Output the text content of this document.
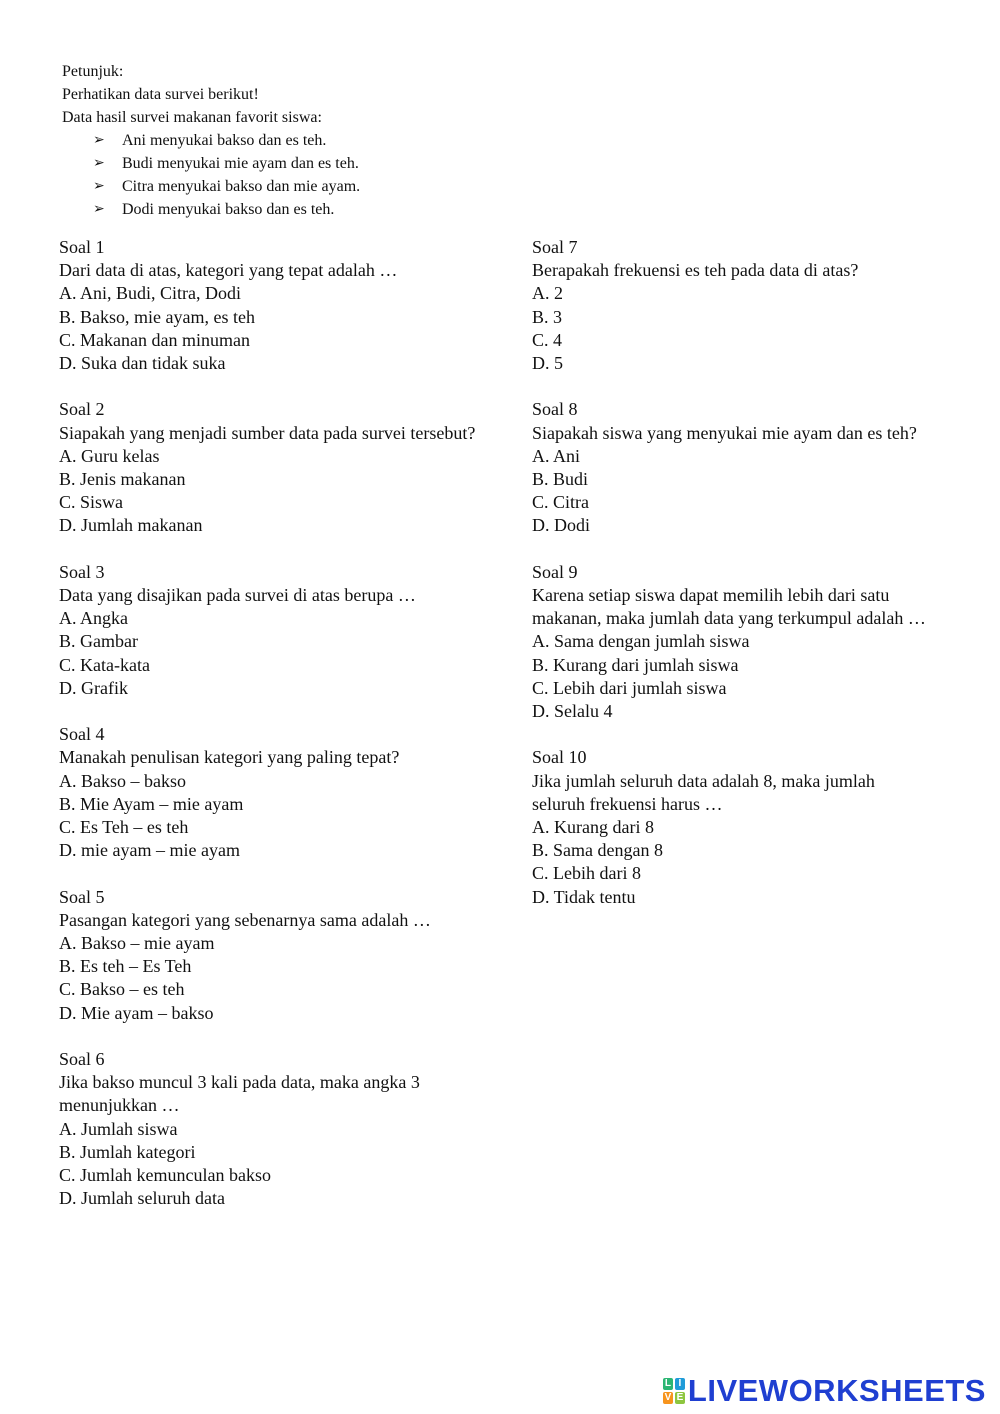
Petunjuk:

Perhatikan data survei berikut!

Data hasil survei makanan favorit siswa:

➢	Ani menyukai bakso dan es teh.
➢	Budi menyukai mie ayam dan es teh.
➢	Citra menyukai bakso dan mie ayam.
➢	Dodi menyukai bakso dan es teh.
Soal 1
Dari data di atas, kategori yang tepat adalah …
A. Ani, Budi, Citra, Dodi
B. Bakso, mie ayam, es teh
C. Makanan dan minuman
D. Suka dan tidak suka
Soal 2
Siapakah yang menjadi sumber data pada survei tersebut?
A. Guru kelas
B. Jenis makanan
C. Siswa
D. Jumlah makanan
Soal 3
Data yang disajikan pada survei di atas berupa …
A. Angka
B. Gambar
C. Kata-kata
D. Grafik
Soal 4
Manakah penulisan kategori yang paling tepat?
A. Bakso – bakso
B. Mie Ayam – mie ayam
C. Es Teh – es teh
D. mie ayam – mie ayam
Soal 5
Pasangan kategori yang sebenarnya sama adalah …
A. Bakso – mie ayam
B. Es teh – Es Teh
C. Bakso – es teh
D. Mie ayam – bakso
Soal 6
Jika bakso muncul 3 kali pada data, maka angka 3 menunjukkan …
A. Jumlah siswa
B. Jumlah kategori
C. Jumlah kemunculan bakso
D. Jumlah seluruh data
Soal 7
Berapakah frekuensi es teh pada data di atas?
A. 2
B. 3
C. 4
D. 5
Soal 8
Siapakah siswa yang menyukai mie ayam dan es teh?
A. Ani
B. Budi
C. Citra
D. Dodi
Soal 9
Karena setiap siswa dapat memilih lebih dari satu makanan, maka jumlah data yang terkumpul adalah …
A. Sama dengan jumlah siswa
B. Kurang dari jumlah siswa
C. Lebih dari jumlah siswa
D. Selalu 4
Soal 10
Jika jumlah seluruh data adalah 8, maka jumlah seluruh frekuensi harus …
A. Kurang dari 8
B. Sama dengan 8
C. Lebih dari 8
D. Tidak tentu
L I
V E LIVEWORKSHEETS
